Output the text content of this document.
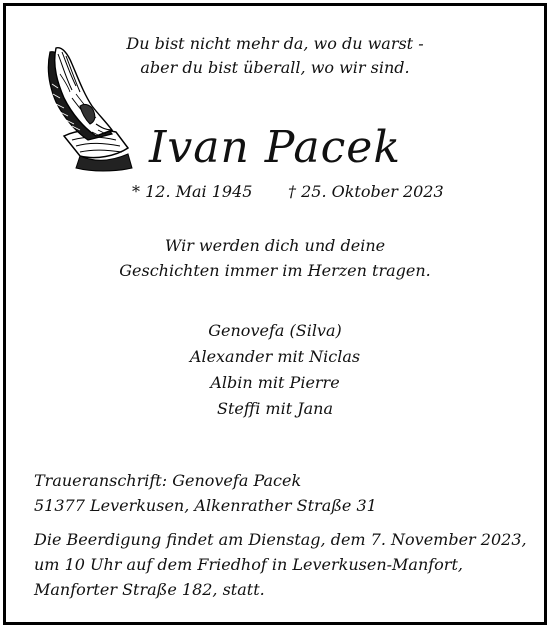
Du bist nicht mehr da, wo du warst -
aber du bist überall, wo wir sind.
Ivan Pacek
* 12. Mai 1945 † 25. Oktober 2023
Wir werden dich und deine
Geschichten immer im Herzen tragen.
Genovefa (Silva)
Alexander mit Niclas
Albin mit Pierre
Steffi mit Jana
Traueranschrift: Genovefa Pacek
51377 Leverkusen, Alkenrather Straße 31
Die Beerdigung findet am Dienstag, dem 7. November 2023,
um 10 Uhr auf dem Friedhof in Leverkusen-Manfort,
Manforter Straße 182, statt.
